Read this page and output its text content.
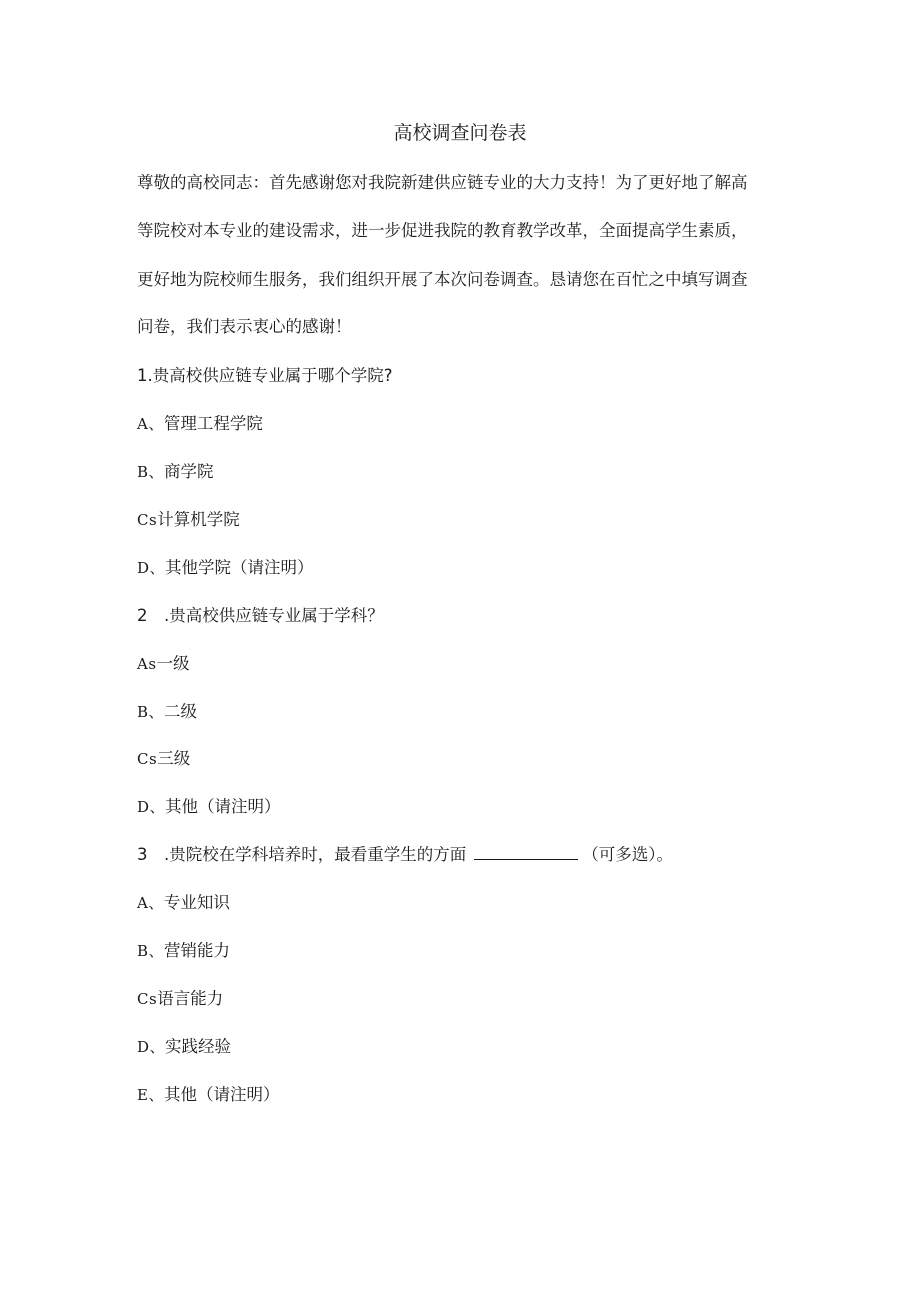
高校调查问卷表
尊敬的高校同志：首先感谢您对我院新建供应链专业的大力支持！为了更好地了解高
等院校对本专业的建设需求，进一步促进我院的教育教学改革，全面提高学生素质，
更好地为院校师生服务，我们组织开展了本次问卷调查。恳请您在百忙之中填写调查
问卷，我们表示衷心的感谢！
1.贵高校供应链专业属于哪个学院?
A、管理工程学院
B、商学院
Cs计算机学院
D、其他学院（请注明）
2　.贵高校供应链专业属于学科？
As一级
B、二级
Cs三级
D、其他（请注明）
3　.贵院校在学科培养时，最看重学生的方面	（可多选）。
A、专业知识
B、营销能力
Cs语言能力
D、实践经验
E、其他（请注明）
